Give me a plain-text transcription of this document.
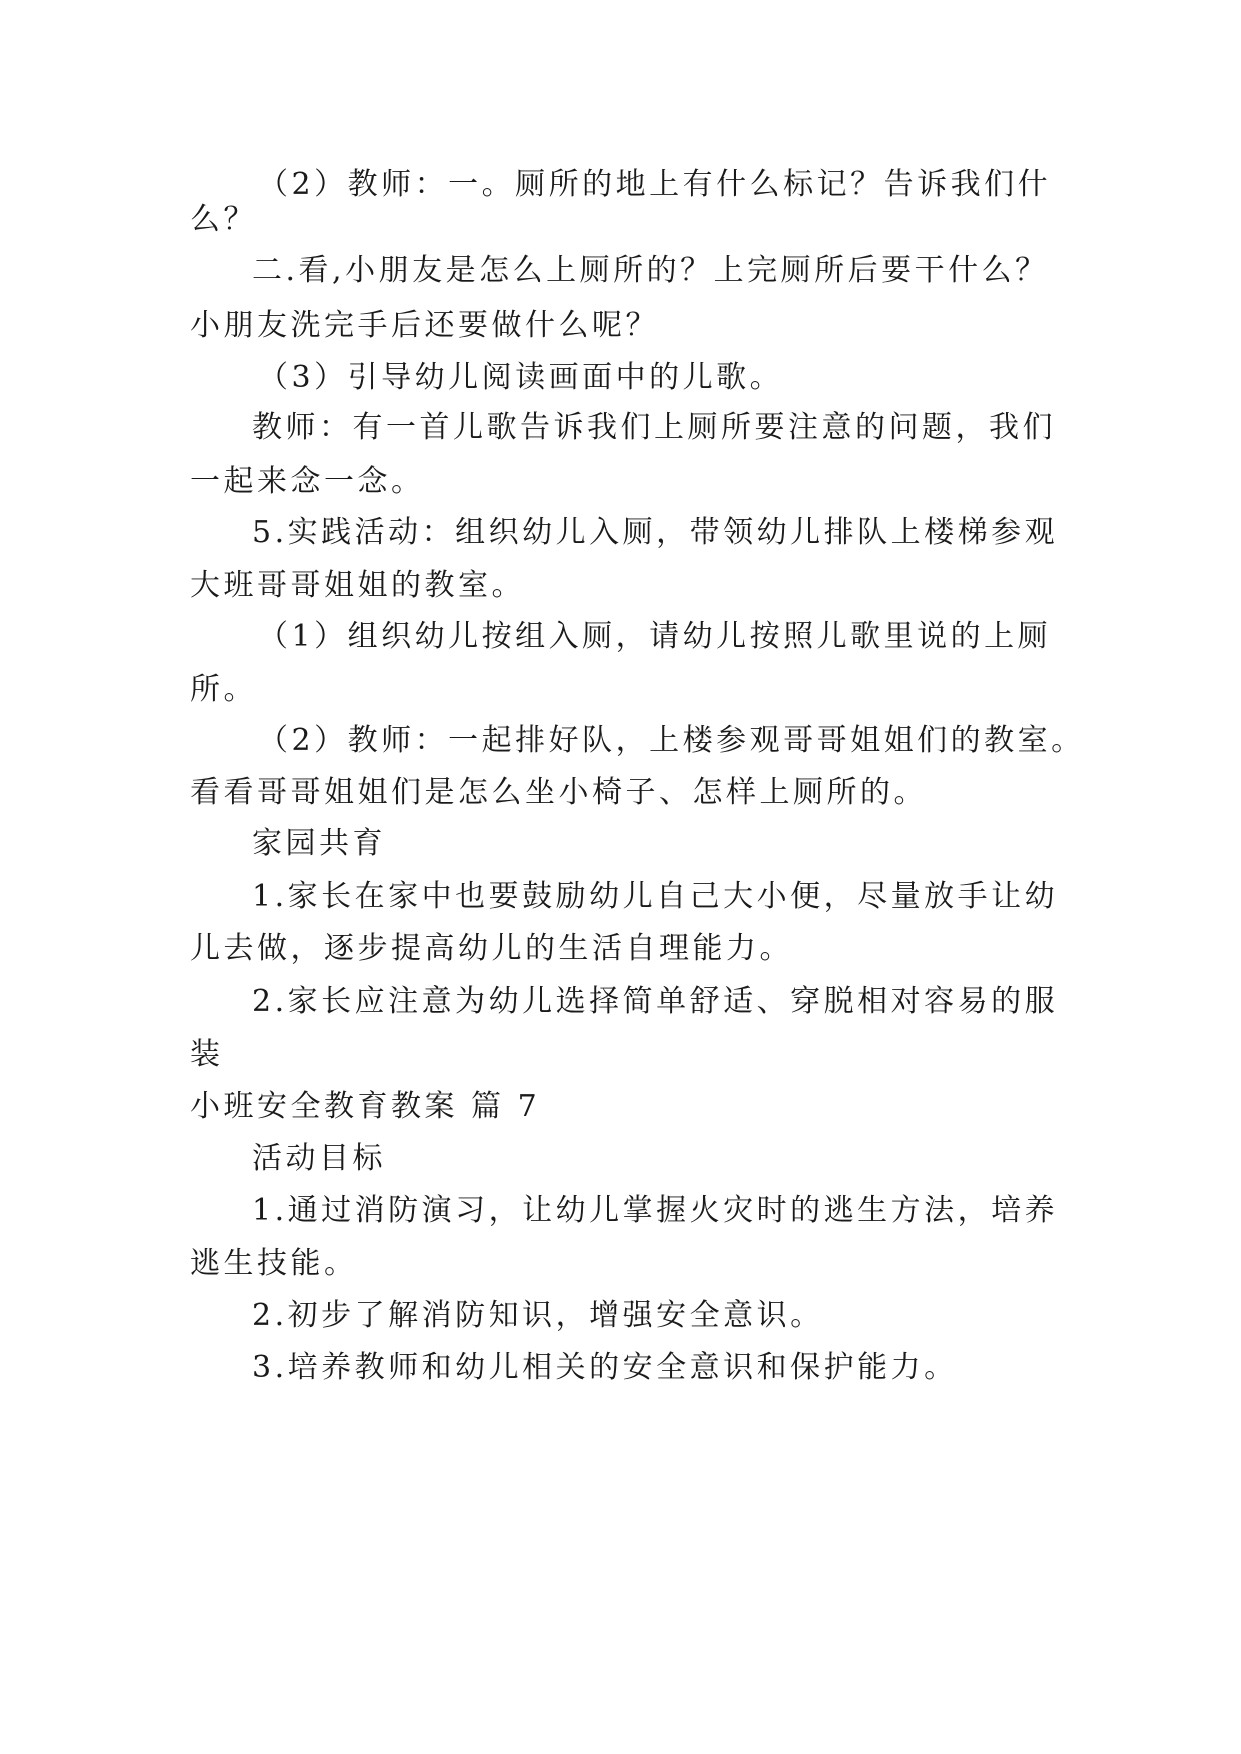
（2）教师：一。厕所的地上有什么标记？告诉我们什
么？
二.看,小朋友是怎么上厕所的？上完厕所后要干什么？
小朋友洗完手后还要做什么呢？
（3）引导幼儿阅读画面中的儿歌。
教师：有一首儿歌告诉我们上厕所要注意的问题，我们
一起来念一念。
5.实践活动：组织幼儿入厕，带领幼儿排队上楼梯参观
大班哥哥姐姐的教室。
（1）组织幼儿按组入厕，请幼儿按照儿歌里说的上厕
所。
（2）教师：一起排好队，上楼参观哥哥姐姐们的教室。
看看哥哥姐姐们是怎么坐小椅子、怎样上厕所的。
家园共育
1.家长在家中也要鼓励幼儿自己大小便，尽量放手让幼
儿去做，逐步提高幼儿的生活自理能力。
2.家长应注意为幼儿选择简单舒适、穿脱相对容易的服
装
小班安全教育教案 篇 7
活动目标
1.通过消防演习，让幼儿掌握火灾时的逃生方法，培养
逃生技能。
2.初步了解消防知识，增强安全意识。
3.培养教师和幼儿相关的安全意识和保护能力。
